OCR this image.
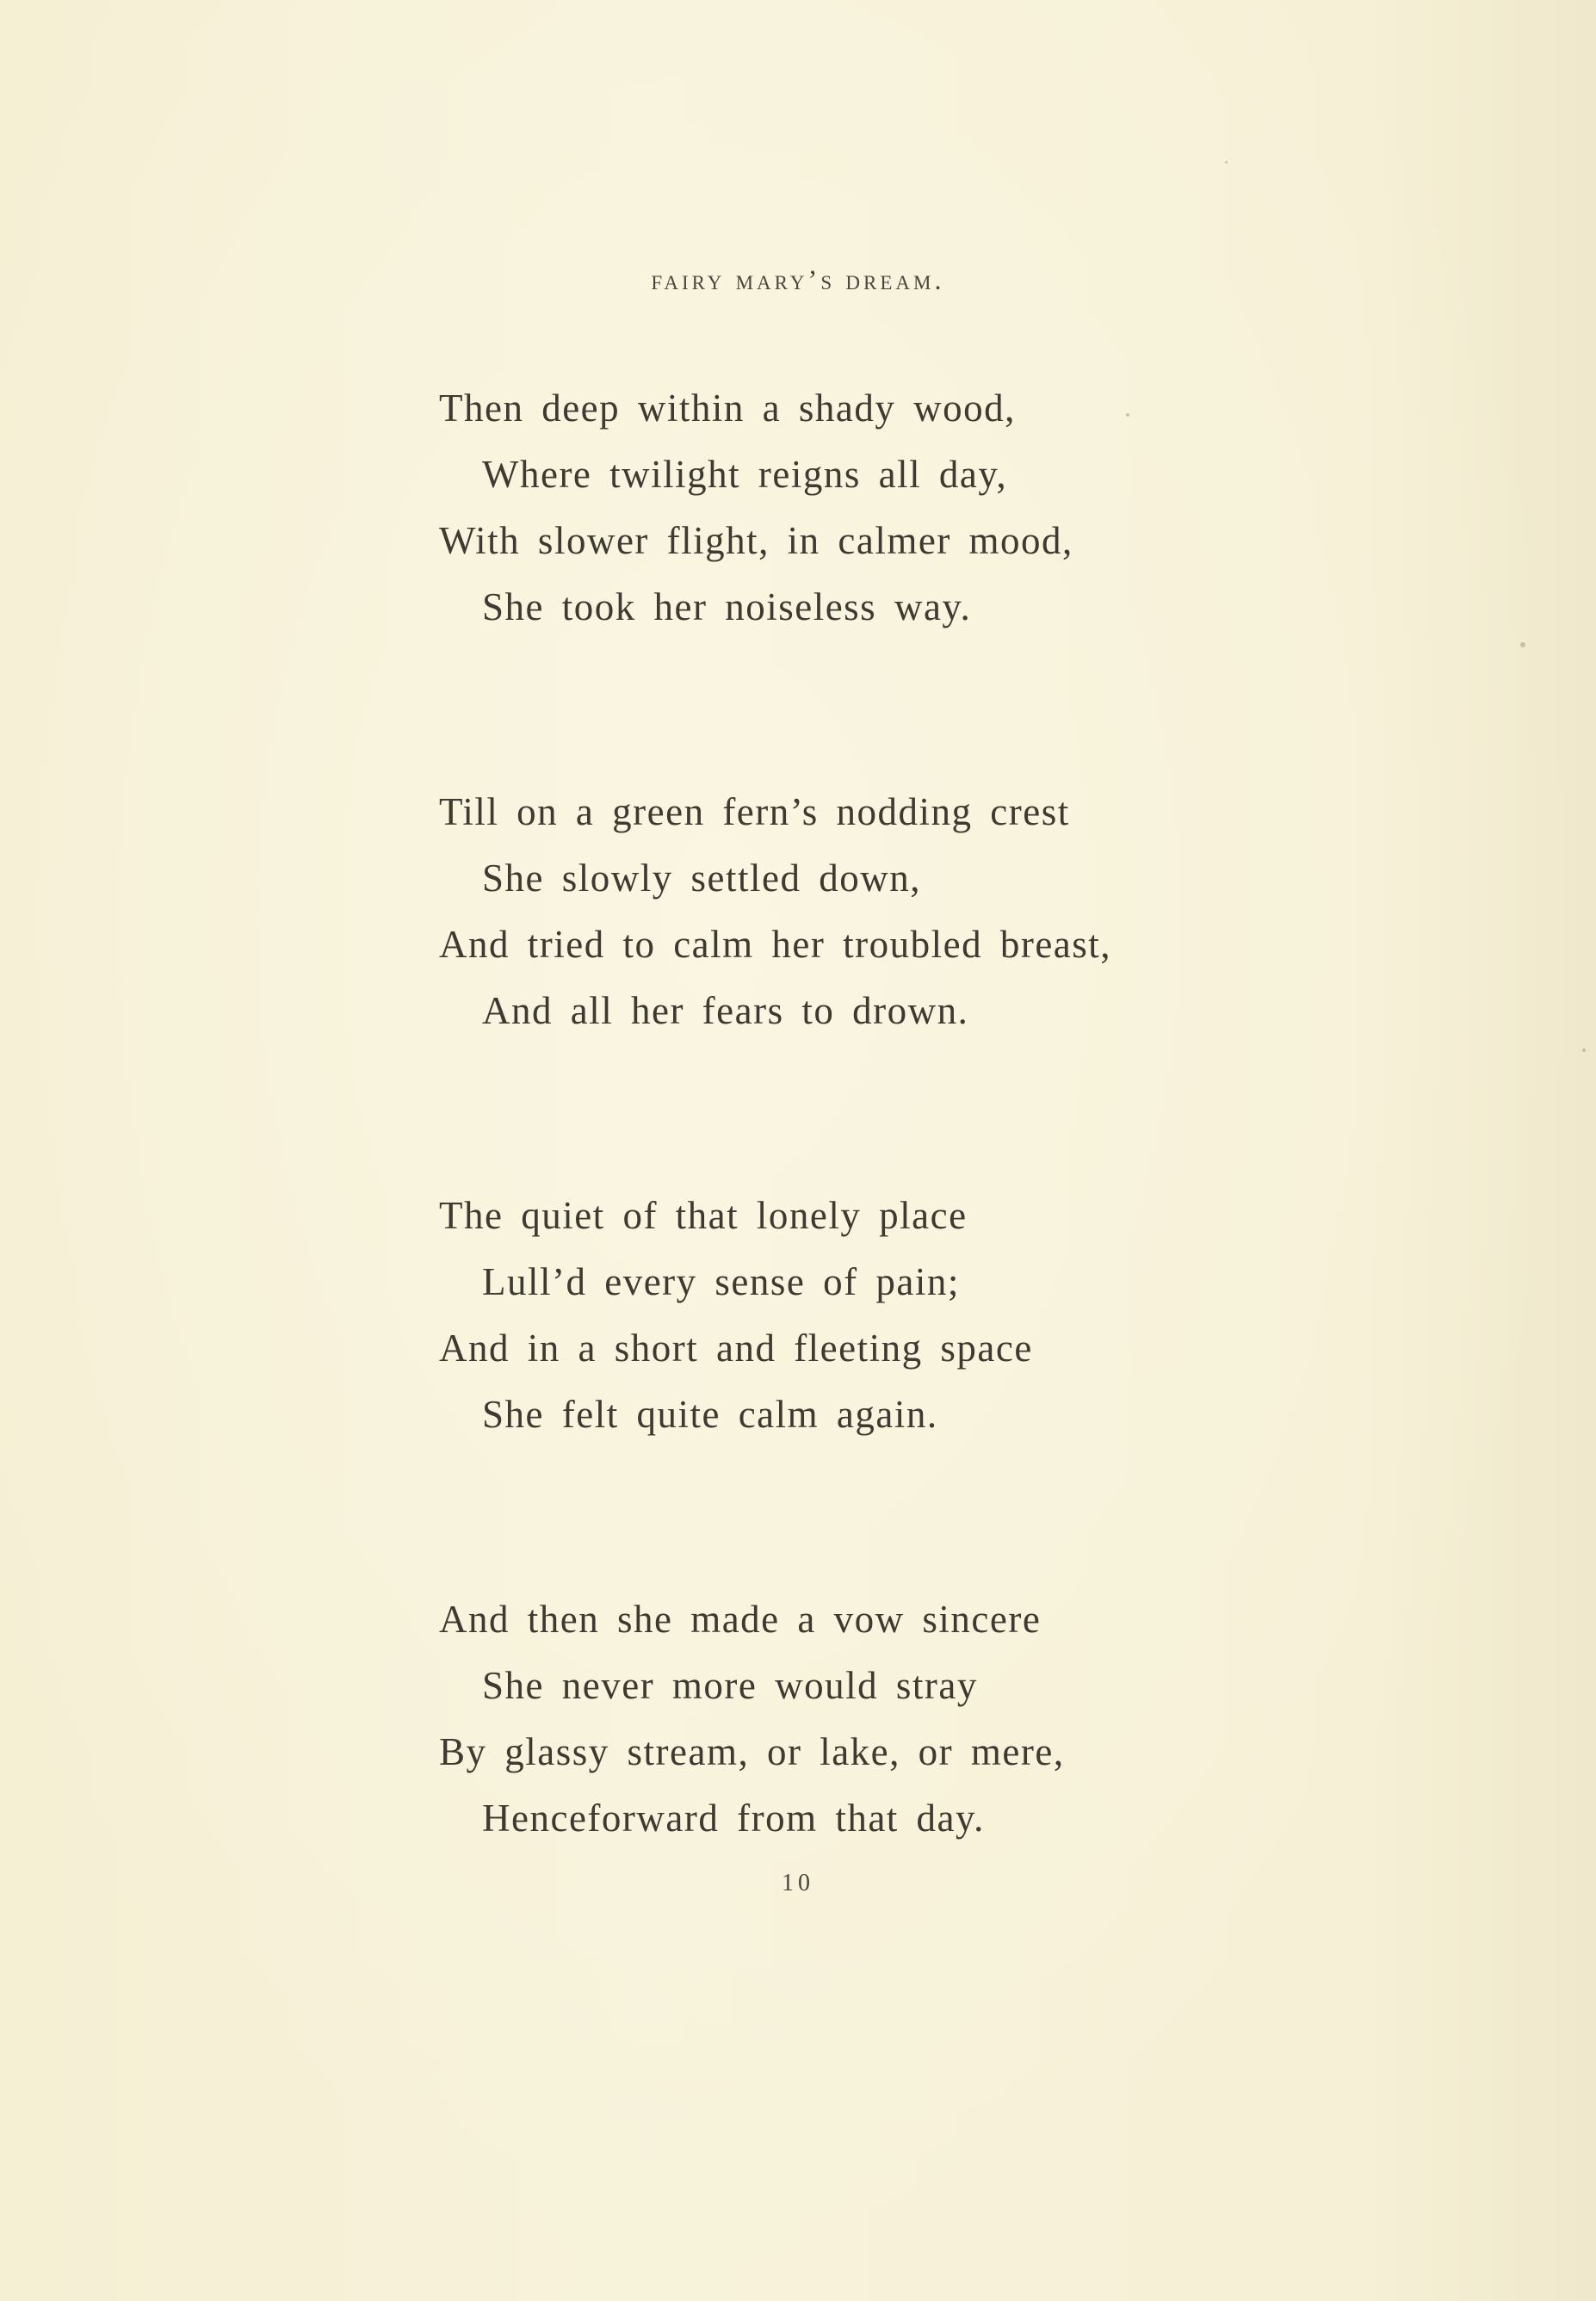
fairy mary’s dream.
Then deep within a shady wood,
Where twilight reigns all day,
With slower flight, in calmer mood,
She took her noiseless way.
Till on a green fern’s nodding crest
She slowly settled down,
And tried to calm her troubled breast,
And all her fears to drown.
The quiet of that lonely place
Lull’d every sense of pain;
And in a short and fleeting space
She felt quite calm again.
And then she made a vow sincere
She never more would stray
By glassy stream, or lake, or mere,
Henceforward from that day.
10
